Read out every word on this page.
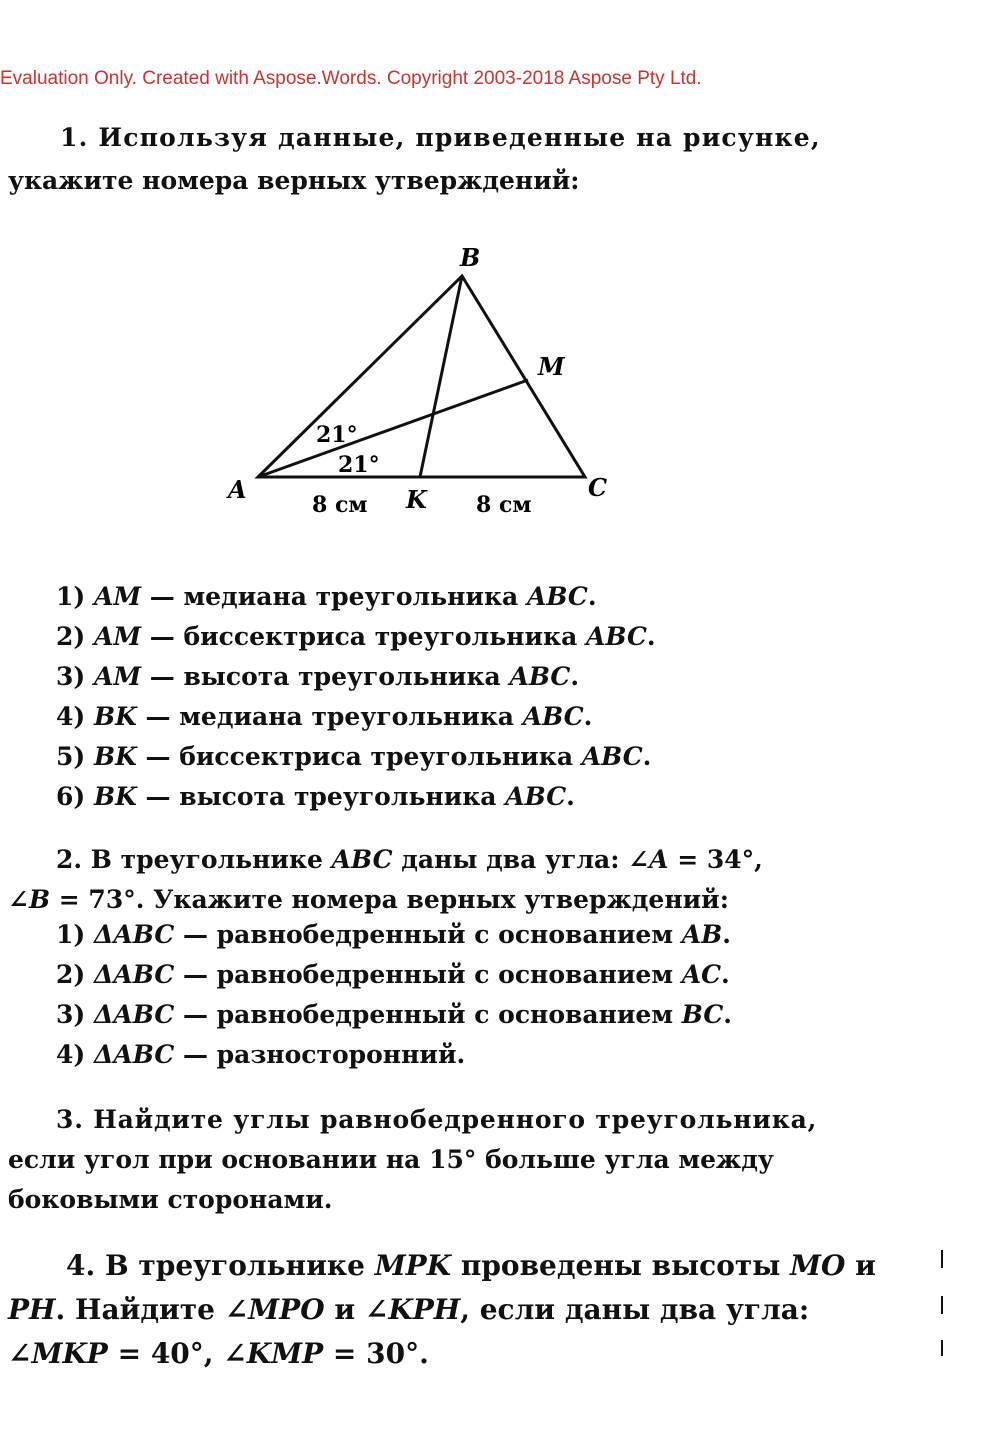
Evaluation Only. Created with Aspose.Words. Copyright 2003-2018 Aspose Pty Ltd.
1. Используя данные, приведенные на рисунке,
укажите номера верных утверждений:
B
M
A	K	C
21°
21°
8 см	8 см
1) AM — медиана треугольника ABC.
2) AM — биссектриса треугольника ABC.
3) AM — высота треугольника ABC.
4) BK — медиана треугольника ABC.
5) BK — биссектриса треугольника ABC.
6) BK — высота треугольника ABC.
2. В треугольнике ABC даны два угла: ∠A = 34°,
∠B = 73°. Укажите номера верных утверждений:
1) ΔABC — равнобедренный с основанием AB.
2) ΔABC — равнобедренный с основанием AC.
3) ΔABC — равнобедренный с основанием BC.
4) ΔABC — разносторонний.
3. Найдите углы равнобедренного треугольника,
если угол при основании на 15° больше угла между
боковыми сторонами.
4. В треугольнике MPK проведены высоты MO и
PH. Найдите ∠MPO и ∠KPH, если даны два угла:
∠MKP = 40°, ∠KMP = 30°.
